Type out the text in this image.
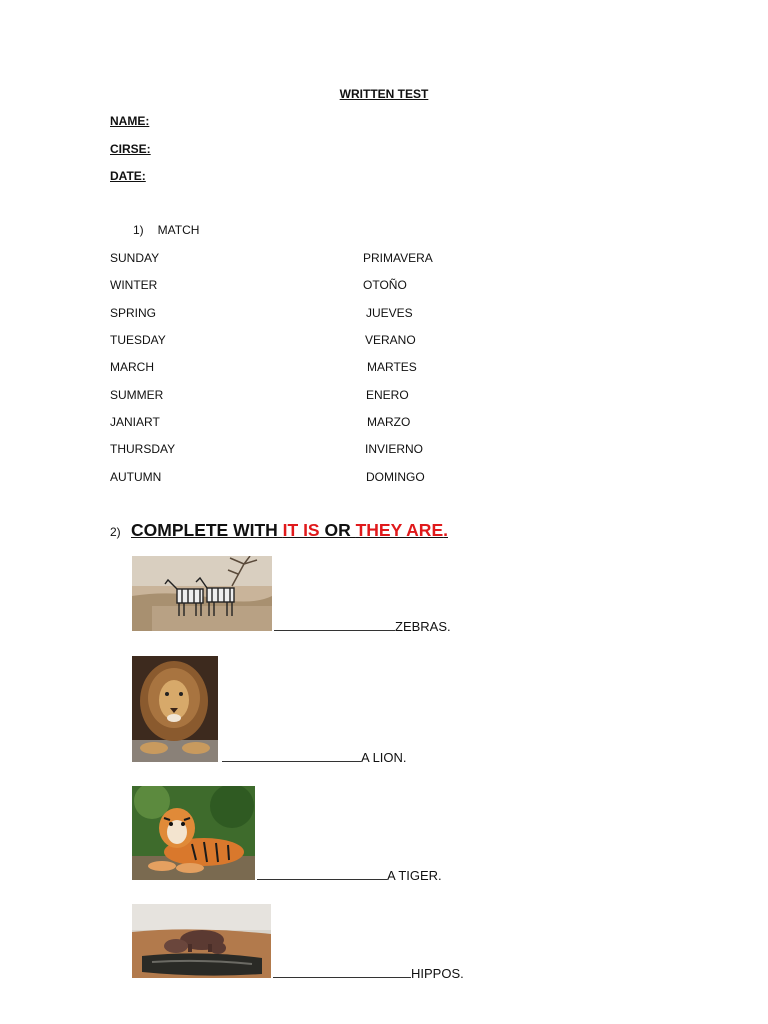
WRITTEN TEST
NAME:
CIRSE:
DATE:
1) MATCH
SUNDAY
WINTER
SPRING
TUESDAY
MARCH
SUMMER
JANIART
THURSDAY
AUTUMN
PRIMAVERA
OTOÑO
JUEVES
VERANO
MARTES
ENERO
MARZO
INVIERNO
DOMINGO
2) COMPLETE WITH IT IS OR THEY ARE.
ZEBRAS.
A LION.
A TIGER.
HIPPOS.
